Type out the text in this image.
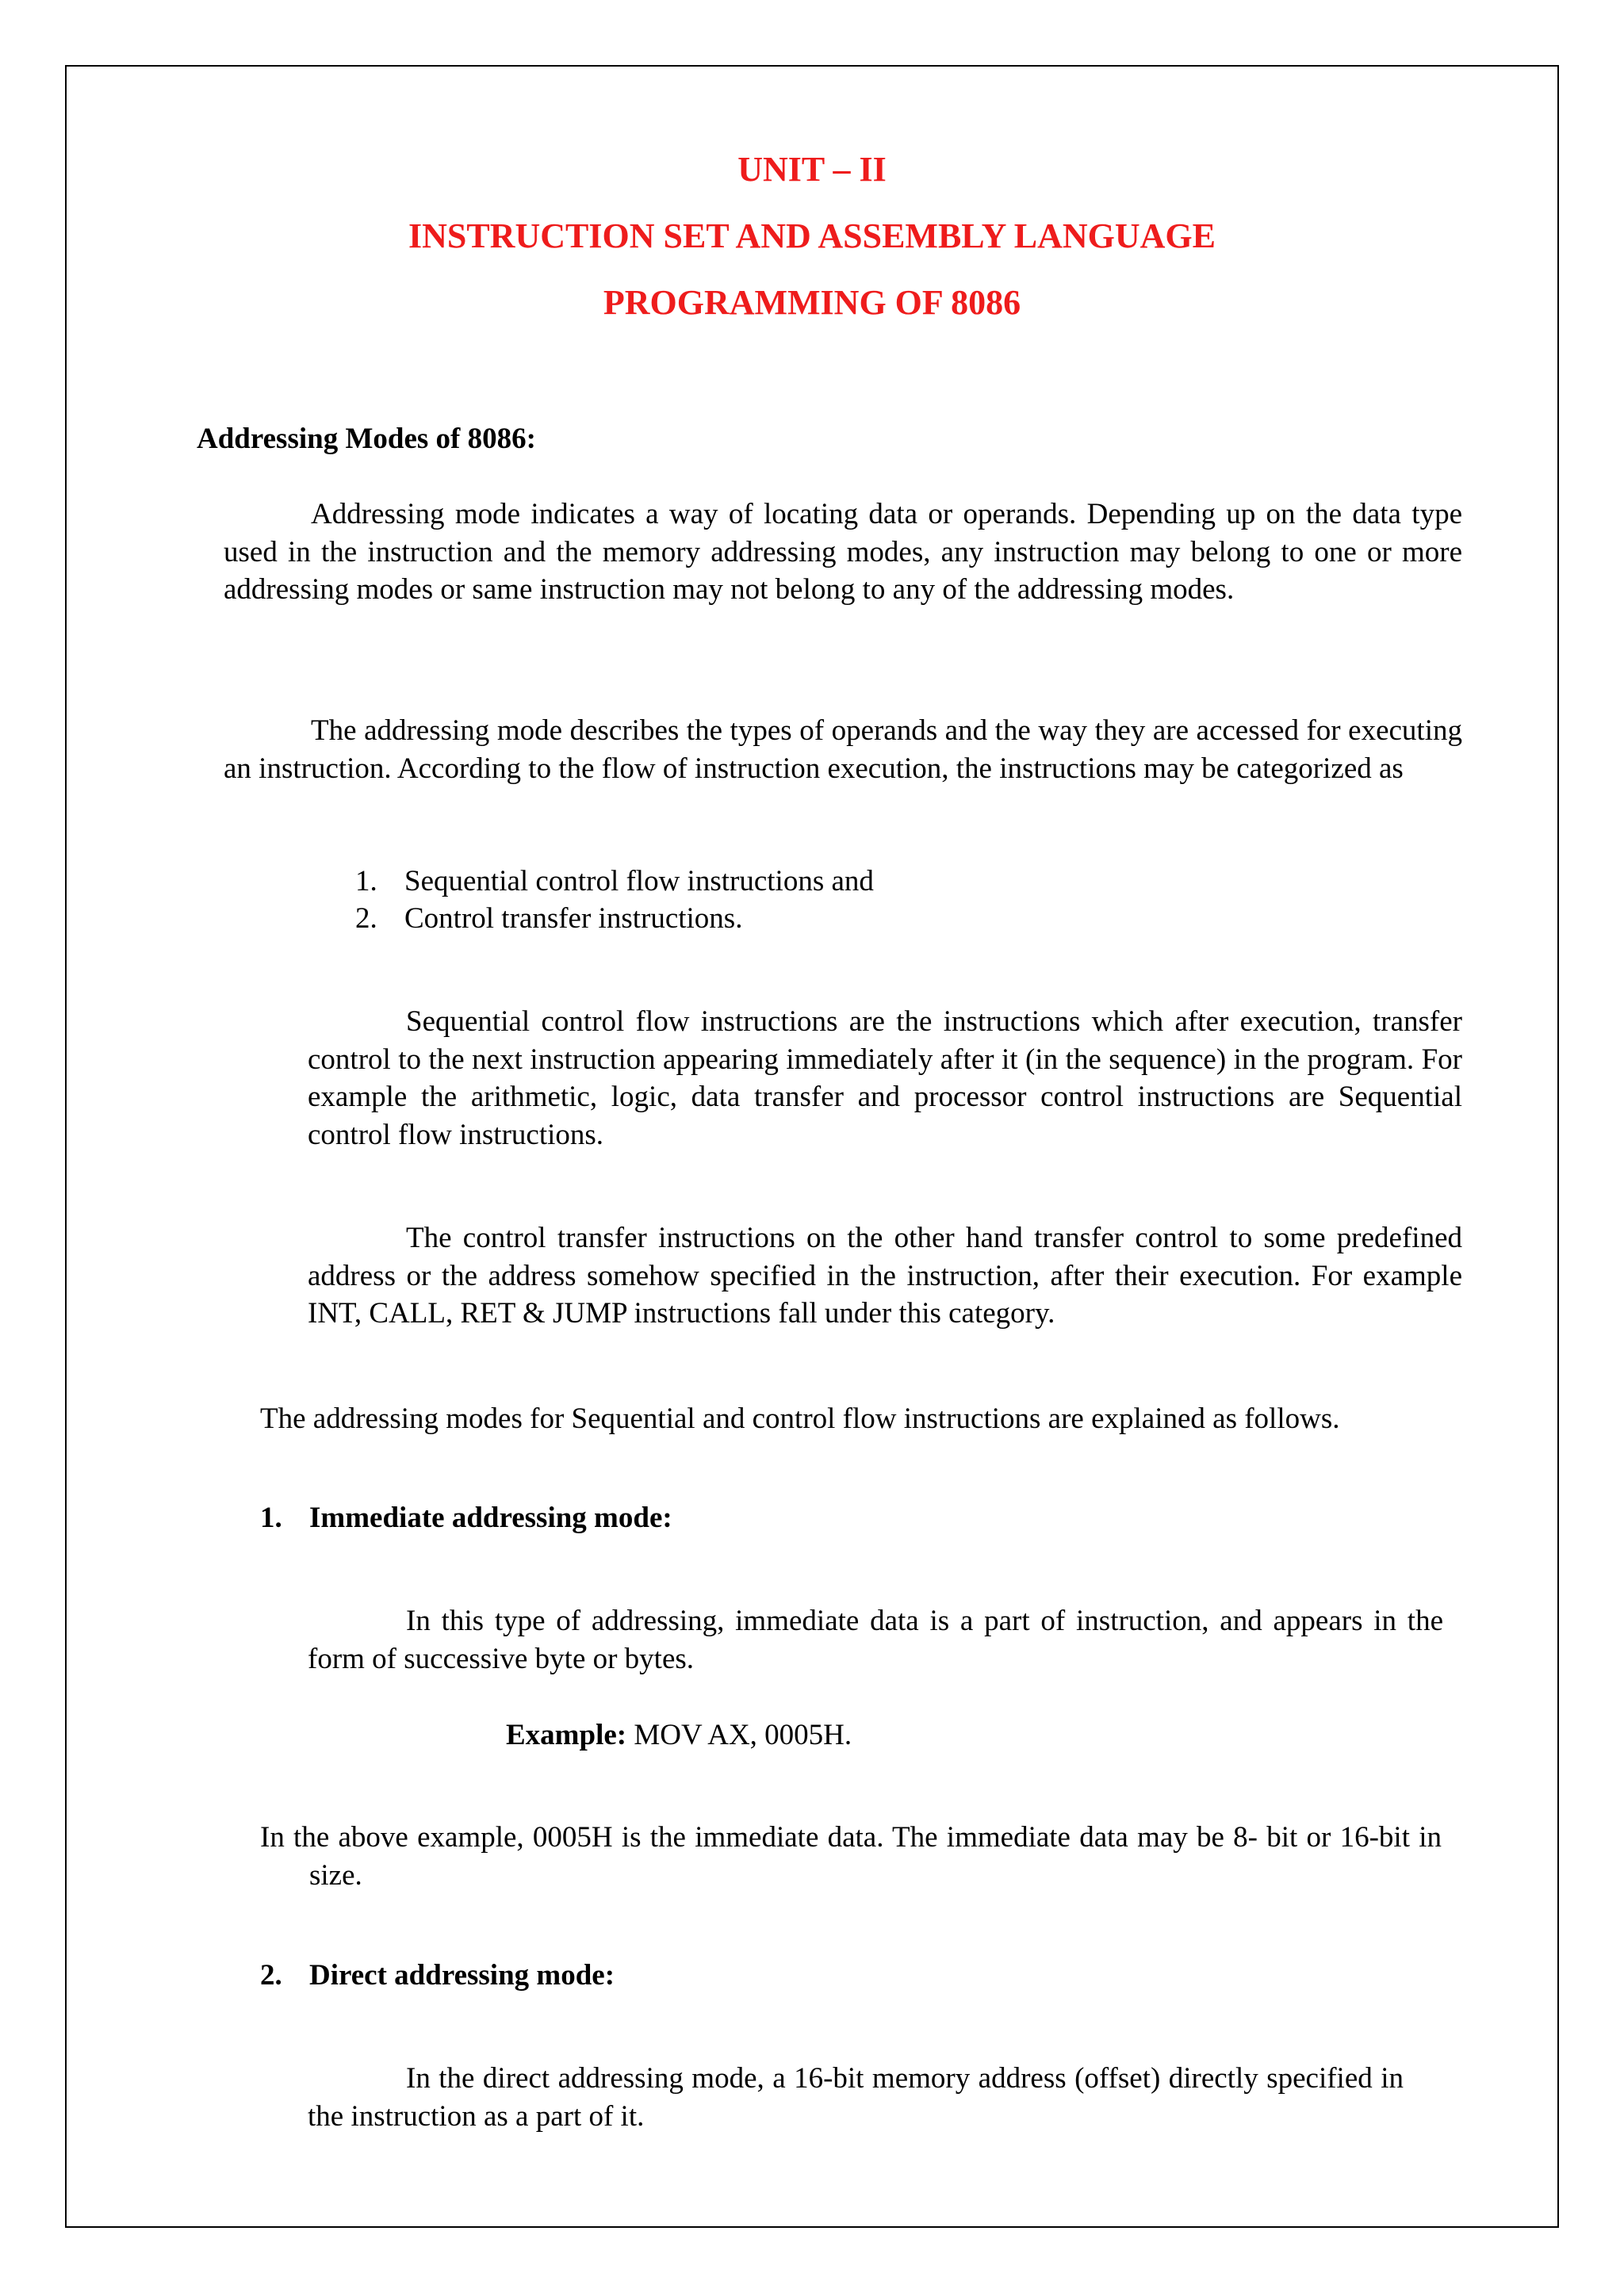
UNIT – II
INSTRUCTION SET AND ASSEMBLY LANGUAGE
PROGRAMMING OF 8086
Addressing Modes of 8086:

Addressing mode indicates a way of locating data or operands. Depending up on the data type used in the instruction and the memory addressing modes, any instruction may belong to one or more addressing modes or same instruction may not belong to any of the addressing modes.

The addressing mode describes the types of operands and the way they are accessed for executing an instruction. According to the flow of instruction execution, the instructions may be categorized as

1. Sequential control flow instructions and
2. Control transfer instructions.

Sequential control flow instructions are the instructions which after execution, transfer control to the next instruction appearing immediately after it (in the sequence) in the program. For example the arithmetic, logic, data transfer and processor control instructions are Sequential control flow instructions.

The control transfer instructions on the other hand transfer control to some predefined address or the address somehow specified in the instruction, after their execution. For example INT, CALL, RET & JUMP instructions fall under this category.

The addressing modes for Sequential and control flow instructions are explained as follows.
1. Immediate addressing mode:

In this type of addressing, immediate data is a part of instruction, and appears in the form of successive byte or bytes.

Example: MOV AX, 0005H.

In the above example, 0005H is the immediate data. The immediate data may be 8- bit or 16-bit in size.

2. Direct addressing mode:

In the direct addressing mode, a 16-bit memory address (offset) directly specified in the instruction as a part of it.
